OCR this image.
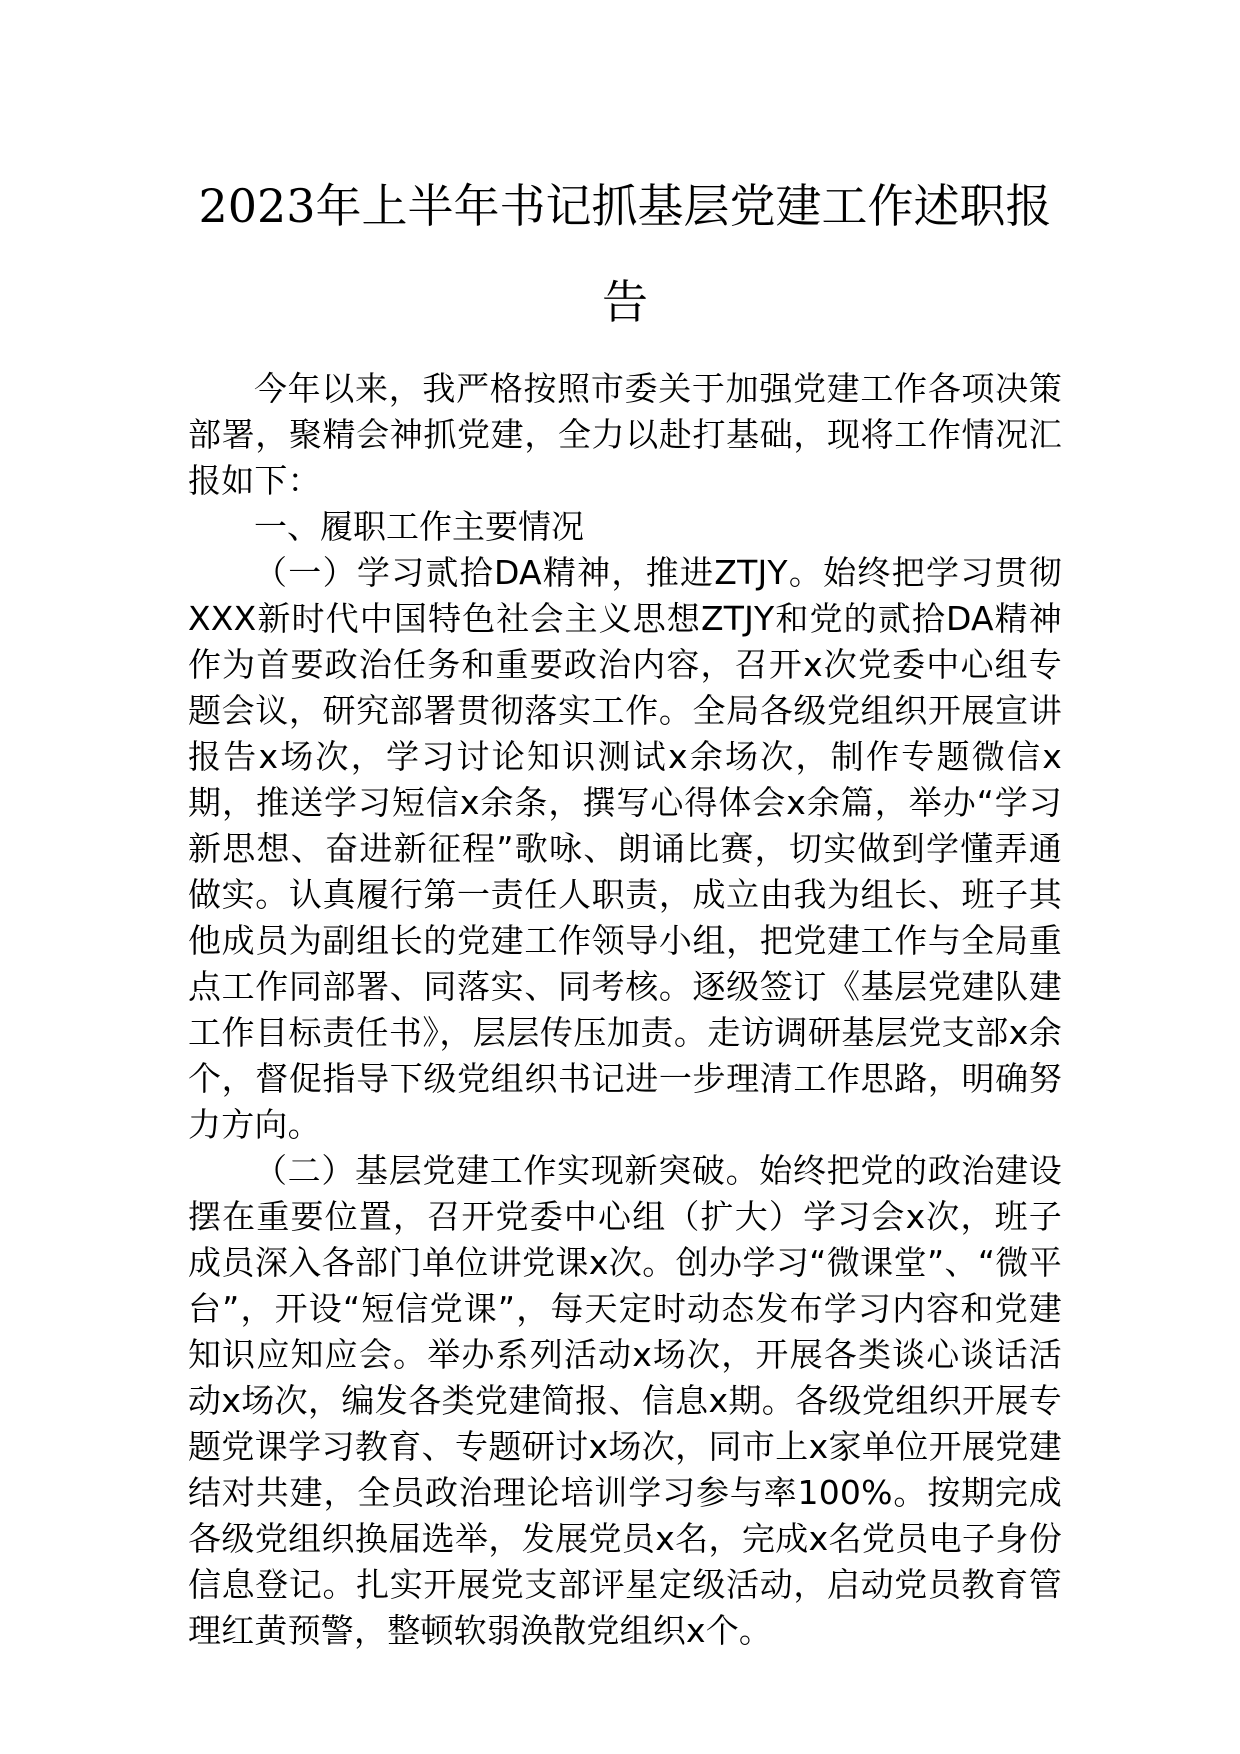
2023年上半年书记抓基层党建工作述职报告

今年以来，我严格按照市委关于加强党建工作各项决策部署，聚精会神抓党建，全力以赴打基础，现将工作情况汇报如下：

一、履职工作主要情况

（一）学习贰拾DA精神，推进ZTJY。始终把学习贯彻XXX新时代中国特色社会主义思想ZTJY和党的贰拾DA精神作为首要政治任务和重要政治内容，召开x次党委中心组专题会议，研究部署贯彻落实工作。全局各级党组织开展宣讲报告x场次，学习讨论知识测试x余场次，制作专题微信x期，推送学习短信x余条，撰写心得体会x余篇，举办“学习新思想、奋进新征程”歌咏、朗诵比赛，切实做到学懂弄通做实。认真履行第一责任人职责，成立由我为组长、班子其他成员为副组长的党建工作领导小组，把党建工作与全局重点工作同部署、同落实、同考核。逐级签订《基层党建队建工作目标责任书》，层层传压加责。走访调研基层党支部x余个，督促指导下级党组织书记进一步理清工作思路，明确努力方向。

（二）基层党建工作实现新突破。始终把党的政治建设摆在重要位置，召开党委中心组（扩大）学习会x次，班子成员深入各部门单位讲党课x次。创办学习“微课堂”、“微平台”，开设“短信党课”，每天定时动态发布学习内容和党建知识应知应会。举办系列活动x场次，开展各类谈心谈话活动x场次，编发各类党建简报、信息x期。各级党组织开展专题党课学习教育、专题研讨x场次，同市上x家单位开展党建结对共建，全员政治理论培训学习参与率100%。按期完成各级党组织换届选举，发展党员x名，完成x名党员电子身份信息登记。扎实开展党支部评星定级活动，启动党员教育管理红黄预警，整顿软弱涣散党组织x个。
